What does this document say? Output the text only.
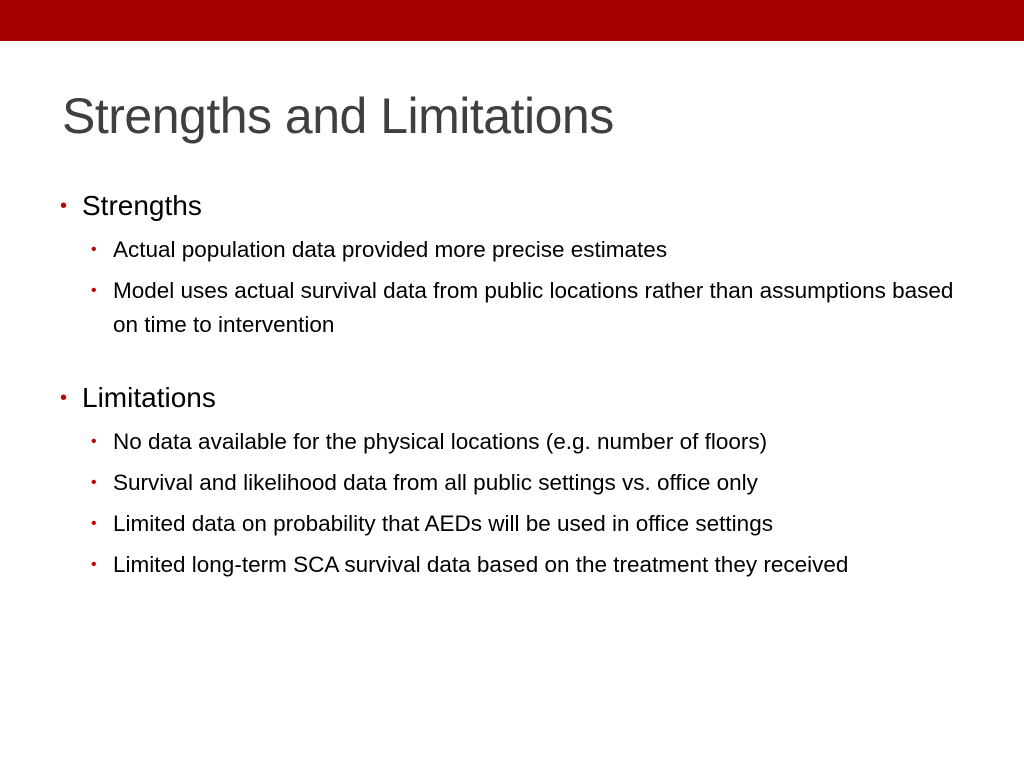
Strengths and Limitations
• Strengths
• Actual population data provided more precise estimates
• Model uses actual survival data from public locations rather than assumptions based on time to intervention
• Limitations
• No data available for the physical locations (e.g. number of floors)
• Survival and likelihood data from all public settings vs. office only
• Limited data on probability that AEDs will be used in office settings
• Limited long-term SCA survival data based on the treatment they received
